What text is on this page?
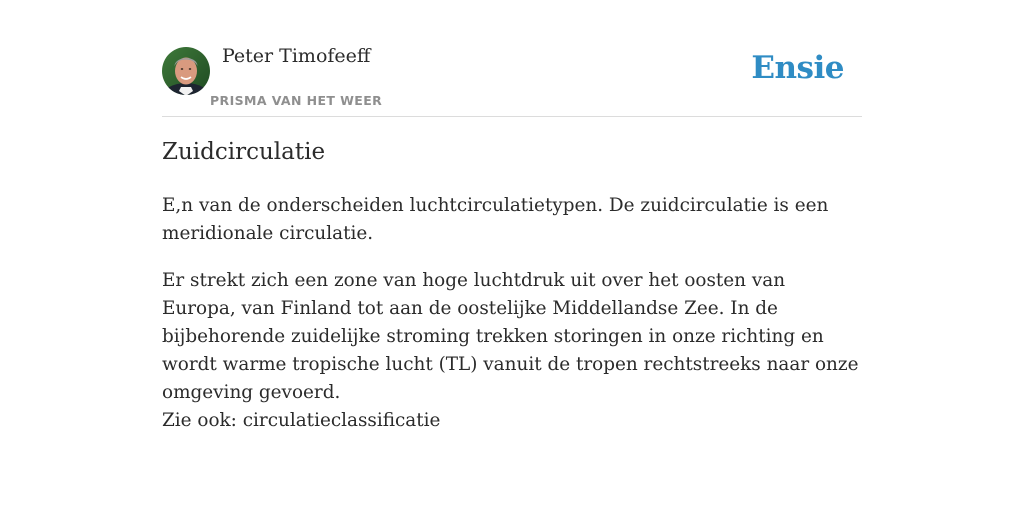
Peter Timofeeff
PRISMA VAN HET WEER
Ensie
Zuidcirculatie
E,n van de onderscheiden luchtcirculatietypen. De zuidcirculatie is een meridionale circulatie.
Er strekt zich een zone van hoge luchtdruk uit over het oosten van Europa, van Finland tot aan de oostelijke Middellandse Zee. In de bijbehorende zuidelijke stroming trekken storingen in onze richting en wordt warme tropische lucht (TL) vanuit de tropen rechtstreeks naar onze omgeving gevoerd.
Zie ook: circulatieclassificatie
